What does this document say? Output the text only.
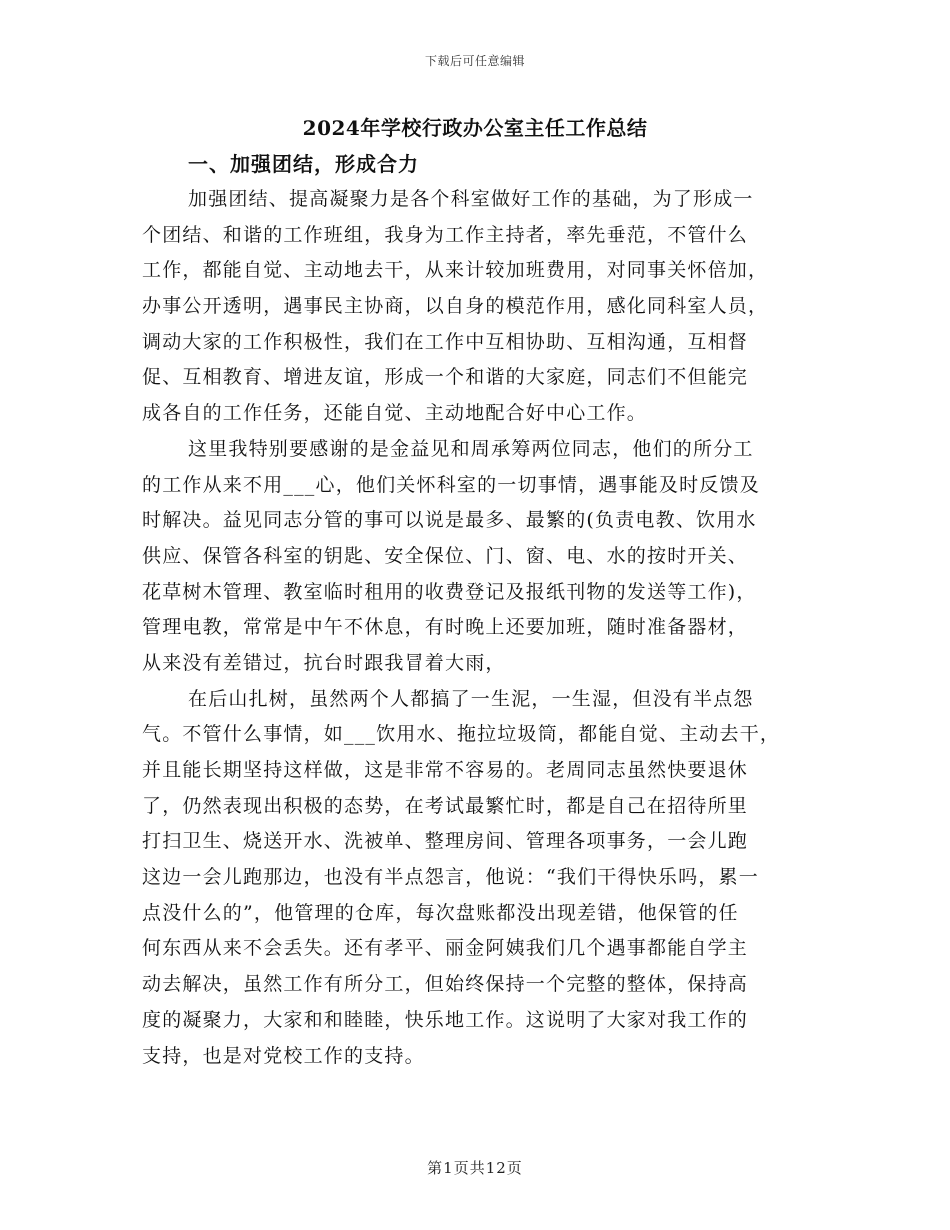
下载后可任意编辑
2024年学校行政办公室主任工作总结
一、加强团结，形成合力
加强团结、提高凝聚力是各个科室做好工作的基础，为了形成一
个团结、和谐的工作班组，我身为工作主持者，率先垂范，不管什么
工作，都能自觉、主动地去干，从来计较加班费用，对同事关怀倍加，
办事公开透明，遇事民主协商，以自身的模范作用，感化同科室人员，
调动大家的工作积极性，我们在工作中互相协助、互相沟通，互相督
促、互相教育、增进友谊，形成一个和谐的大家庭，同志们不但能完
成各自的工作任务，还能自觉、主动地配合好中心工作。
这里我特别要感谢的是金益见和周承筹两位同志，他们的所分工
的工作从来不用___心，他们关怀科室的一切事情，遇事能及时反馈及
时解决。益见同志分管的事可以说是最多、最繁的(负责电教、饮用水
供应、保管各科室的钥匙、安全保位、门、窗、电、水的按时开关、
花草树木管理、教室临时租用的收费登记及报纸刊物的发送等工作)，
管理电教，常常是中午不休息，有时晚上还要加班，随时准备器材，
从来没有差错过，抗台时跟我冒着大雨，
在后山扎树，虽然两个人都搞了一生泥，一生湿，但没有半点怨
气。不管什么事情，如___饮用水、拖拉垃圾筒，都能自觉、主动去干，
并且能长期坚持这样做，这是非常不容易的。老周同志虽然快要退休
了，仍然表现出积极的态势，在考试最繁忙时，都是自己在招待所里
打扫卫生、烧送开水、洗被单、整理房间、管理各项事务，一会儿跑
这边一会儿跑那边，也没有半点怨言，他说：“我们干得快乐吗，累一
点没什么的”，他管理的仓库，每次盘账都没出现差错，他保管的任
何东西从来不会丢失。还有孝平、丽金阿姨我们几个遇事都能自学主
动去解决，虽然工作有所分工，但始终保持一个完整的整体，保持高
度的凝聚力，大家和和睦睦，快乐地工作。这说明了大家对我工作的
支持，也是对党校工作的支持。
第1页共12页
